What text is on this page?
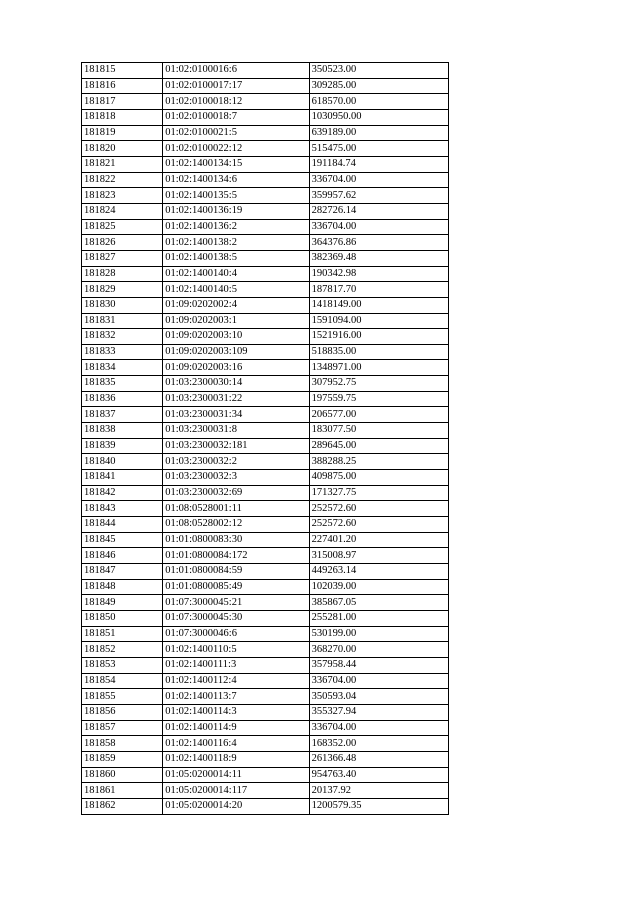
181815	01:02:0100016:6	350523.00
181816	01:02:0100017:17	309285.00
181817	01:02:0100018:12	618570.00
181818	01:02:0100018:7	1030950.00
181819	01:02:0100021:5	639189.00
181820	01:02:0100022:12	515475.00
181821	01:02:1400134:15	191184.74
181822	01:02:1400134:6	336704.00
181823	01:02:1400135:5	359957.62
181824	01:02:1400136:19	282726.14
181825	01:02:1400136:2	336704.00
181826	01:02:1400138:2	364376.86
181827	01:02:1400138:5	382369.48
181828	01:02:1400140:4	190342.98
181829	01:02:1400140:5	187817.70
181830	01:09:0202002:4	1418149.00
181831	01:09:0202003:1	1591094.00
181832	01:09:0202003:10	1521916.00
181833	01:09:0202003:109	518835.00
181834	01:09:0202003:16	1348971.00
181835	01:03:2300030:14	307952.75
181836	01:03:2300031:22	197559.75
181837	01:03:2300031:34	206577.00
181838	01:03:2300031:8	183077.50
181839	01:03:2300032:181	289645.00
181840	01:03:2300032:2	388288.25
181841	01:03:2300032:3	409875.00
181842	01:03:2300032:69	171327.75
181843	01:08:0528001:11	252572.60
181844	01:08:0528002:12	252572.60
181845	01:01:0800083:30	227401.20
181846	01:01:0800084:172	315008.97
181847	01:01:0800084:59	449263.14
181848	01:01:0800085:49	102039.00
181849	01:07:3000045:21	385867.05
181850	01:07:3000045:30	255281.00
181851	01:07:3000046:6	530199.00
181852	01:02:1400110:5	368270.00
181853	01:02:1400111:3	357958.44
181854	01:02:1400112:4	336704.00
181855	01:02:1400113:7	350593.04
181856	01:02:1400114:3	355327.94
181857	01:02:1400114:9	336704.00
181858	01:02:1400116:4	168352.00
181859	01:02:1400118:9	261366.48
181860	01:05:0200014:11	954763.40
181861	01:05:0200014:117	20137.92
181862	01:05:0200014:20	1200579.35
